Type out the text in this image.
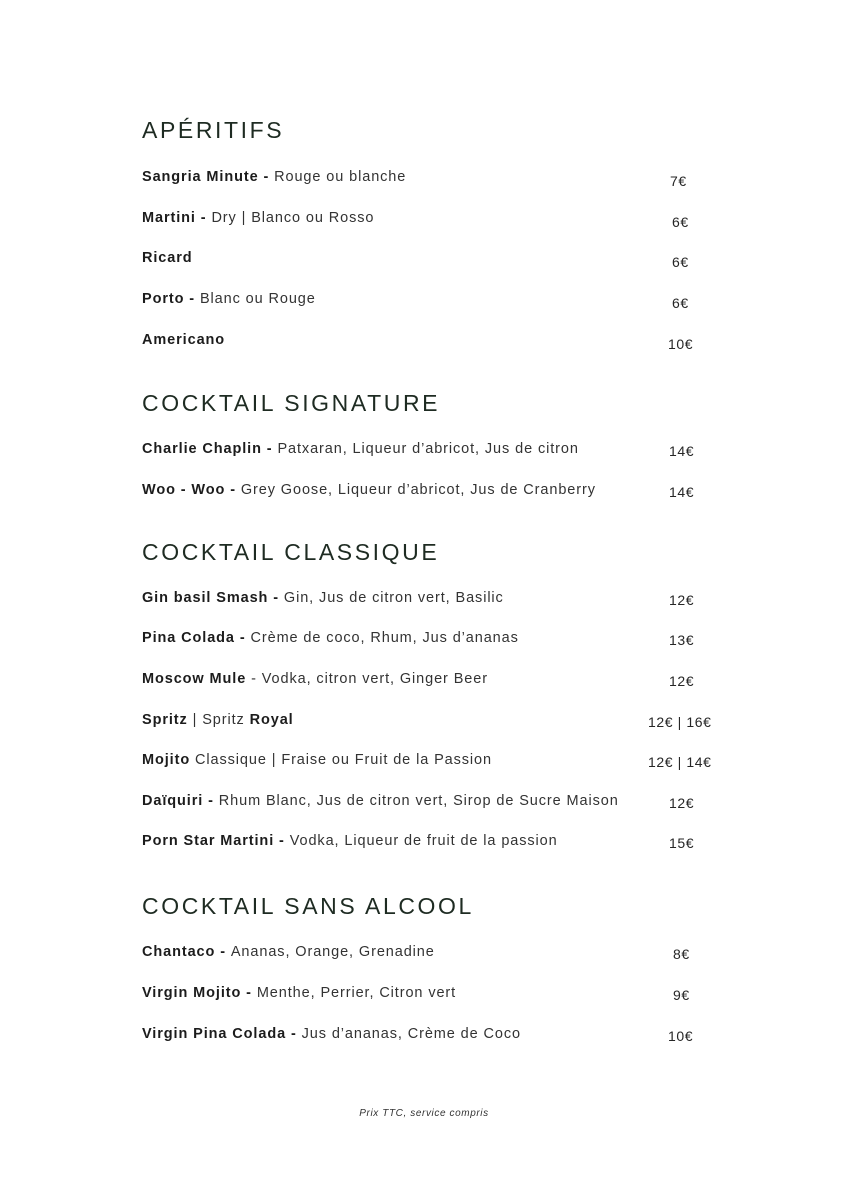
APÉRITIFS
Sangria Minute - Rouge ou blanche	7€
Martini - Dry | Blanco ou Rosso	6€
Ricard	6€
Porto - Blanc ou Rouge	6€
Americano	10€
COCKTAIL SIGNATURE
Charlie Chaplin - Patxaran, Liqueur d’abricot, Jus de citron	14€
Woo - Woo - Grey Goose, Liqueur d’abricot, Jus de Cranberry	14€
COCKTAIL CLASSIQUE
Gin basil Smash - Gin, Jus de citron vert, Basilic	12€
Pina Colada - Crème de coco, Rhum, Jus d’ananas	13€
Moscow Mule - Vodka, citron vert, Ginger Beer	12€
Spritz | Spritz Royal	12€ | 16€
Mojito Classique | Fraise ou Fruit de la Passion	12€ | 14€
Daïquiri - Rhum Blanc, Jus de citron vert, Sirop de Sucre Maison	12€
Porn Star Martini - Vodka, Liqueur de fruit de la passion	15€
COCKTAIL SANS ALCOOL
Chantaco - Ananas, Orange, Grenadine	8€
Virgin Mojito - Menthe, Perrier, Citron vert	9€
Virgin Pina Colada - Jus d’ananas, Crème de Coco	10€
Prix TTC, service compris
